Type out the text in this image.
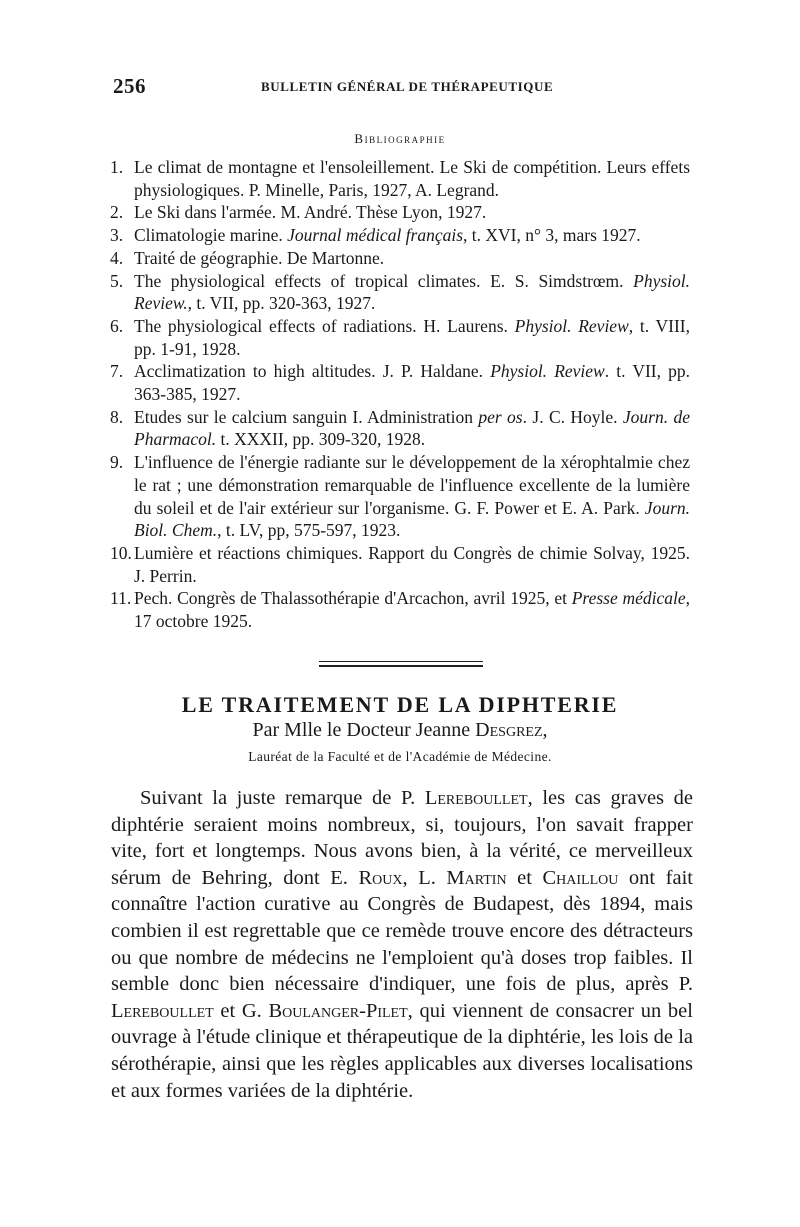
256	BULLETIN GÉNÉRAL DE THÉRAPEUTIQUE
Bibliographie
1. Le climat de montagne et l'ensoleillement. Le Ski de compétition. Leurs effets physiologiques. P. Minelle, Paris, 1927, A. Legrand.
2. Le Ski dans l'armée. M. André. Thèse Lyon, 1927.
3. Climatologie marine. Journal médical français, t. XVI, n° 3, mars 1927.
4. Traité de géographie. De Martonne.
5. The physiological effects of tropical climates. E. S. Simdstrœm. Physiol. Review., t. VII, pp. 320-363, 1927.
6. The physiological effects of radiations. H. Laurens. Physiol. Review, t. VIII, pp. 1-91, 1928.
7. Acclimatization to high altitudes. J. P. Haldane. Physiol. Review. t. VII, pp. 363-385, 1927.
8. Etudes sur le calcium sanguin I. Administration per os. J. C. Hoyle. Journ. de Pharmacol. t. XXXII, pp. 309-320, 1928.
9. L'influence de l'énergie radiante sur le développement de la xérophtalmie chez le rat ; une démonstration remarquable de l'influence excellente de la lumière du soleil et de l'air extérieur sur l'organisme. G. F. Power et E. A. Park. Journ. Biol. Chem., t. LV, pp, 575-597, 1923.
10. Lumière et réactions chimiques. Rapport du Congrès de chimie Solvay, 1925. J. Perrin.
11. Pech. Congrès de Thalassothérapie d'Arcachon, avril 1925, et Presse médicale, 17 octobre 1925.
LE TRAITEMENT DE LA DIPHTERIE
Par Mlle le Docteur Jeanne Desgrez,
Lauréat de la Faculté et de l'Académie de Médecine.

Suivant la juste remarque de P. Lereboullet, les cas graves de diphtérie seraient moins nombreux, si, toujours, l'on savait frapper vite, fort et longtemps. Nous avons bien, à la vérité, ce merveilleux sérum de Behring, dont E. Roux, L. Martin et Chaillou ont fait connaître l'action curative au Congrès de Budapest, dès 1894, mais combien il est regrettable que ce remède trouve encore des détracteurs ou que nombre de médecins ne l'emploient qu'à doses trop faibles. Il semble donc bien nécessaire d'indiquer, une fois de plus, après P. Lereboullet et G. Boulanger-Pilet, qui viennent de consacrer un bel ouvrage à l'étude clinique et thérapeutique de la diphtérie, les lois de la sérothérapie, ainsi que les règles applicables aux diverses localisations et aux formes variées de la diphtérie.
